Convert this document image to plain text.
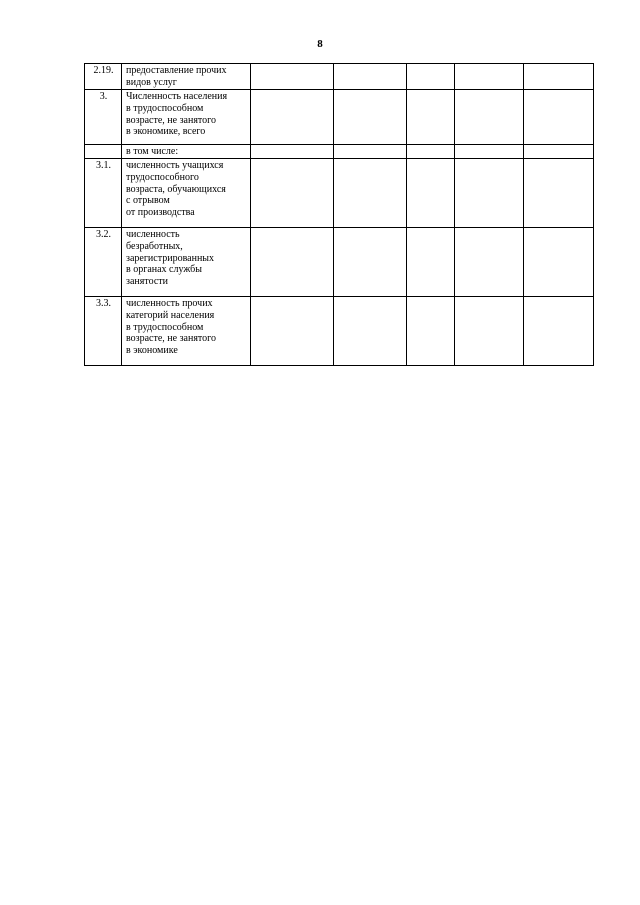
8
2.19.	предоставление прочих
видов услуг					

3.	Численность населения
в трудоспособном
возрасте, не занятого
в экономике, всего					

	в том числе:					

3.1.	численность учащихся
трудоспособного
возраста, обучающихся
с отрывом
от производства					

3.2.	численность
безработных,
зарегистрированных
в органах службы
занятости					

3.3.	численность прочих
категорий населения
в трудоспособном
возрасте, не занятого
в экономике					
